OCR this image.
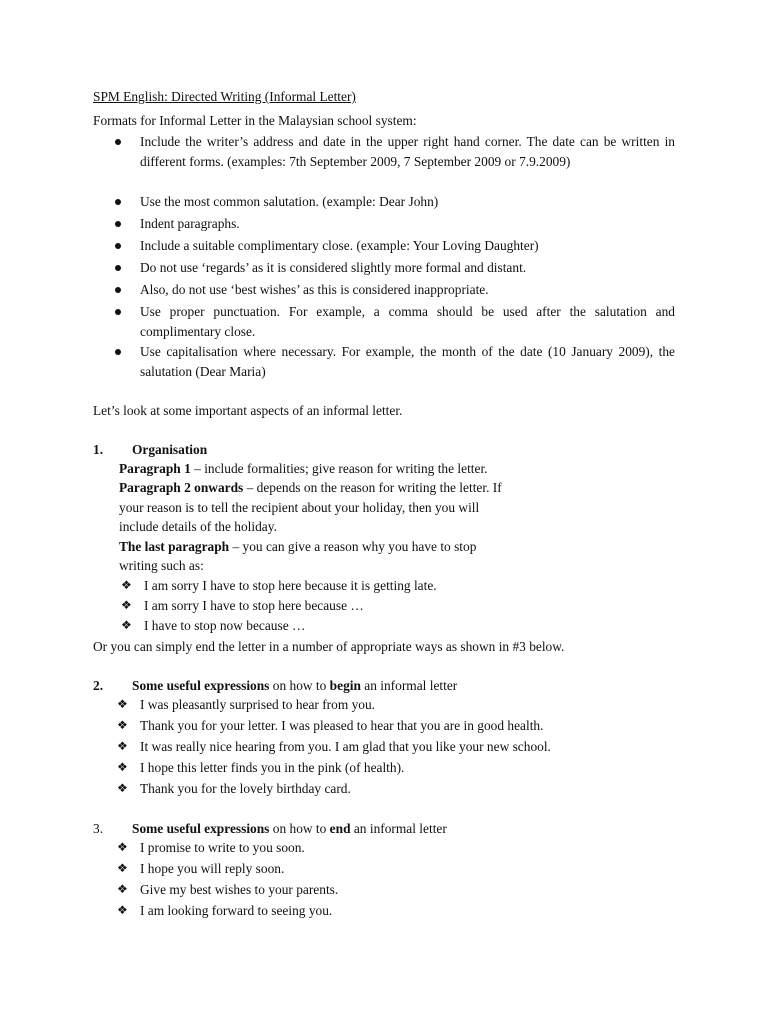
SPM English: Directed Writing (Informal Letter)
Formats for Informal Letter in the Malaysian school system:
Include the writer’s address and date in the upper right hand corner. The date can be written in different forms. (examples: 7th September 2009, 7 September 2009 or 7.9.2009)
Use the most common salutation. (example: Dear John)
Indent paragraphs.
Include a suitable complimentary close. (example: Your Loving Daughter)
Do not use ‘regards’ as it is considered slightly more formal and distant.
Also, do not use ‘best wishes’ as this is considered inappropriate.
Use proper punctuation. For example, a comma should be used after the salutation and complimentary close.
Use capitalisation where necessary. For example, the month of the date (10 January 2009), the salutation (Dear Maria)
Let’s look at some important aspects of an informal letter.
1. Organisation
Paragraph 1 – include formalities; give reason for writing the letter.
Paragraph 2 onwards – depends on the reason for writing the letter. If
your reason is to tell the recipient about your holiday, then you will
include details of the holiday.
The last paragraph – you can give a reason why you have to stop
writing such as:
❖ I am sorry I have to stop here because it is getting late.
❖ I am sorry I have to stop here because …
❖ I have to stop now because …
Or you can simply end the letter in a number of appropriate ways as shown in #3 below.
2. Some useful expressions on how to begin an informal letter
❖ I was pleasantly surprised to hear from you.
❖ Thank you for your letter. I was pleased to hear that you are in good health.
❖ It was really nice hearing from you. I am glad that you like your new school.
❖ I hope this letter finds you in the pink (of health).
❖ Thank you for the lovely birthday card.
3. Some useful expressions on how to end an informal letter
❖ I promise to write to you soon.
❖ I hope you will reply soon.
❖ Give my best wishes to your parents.
❖ I am looking forward to seeing you.
